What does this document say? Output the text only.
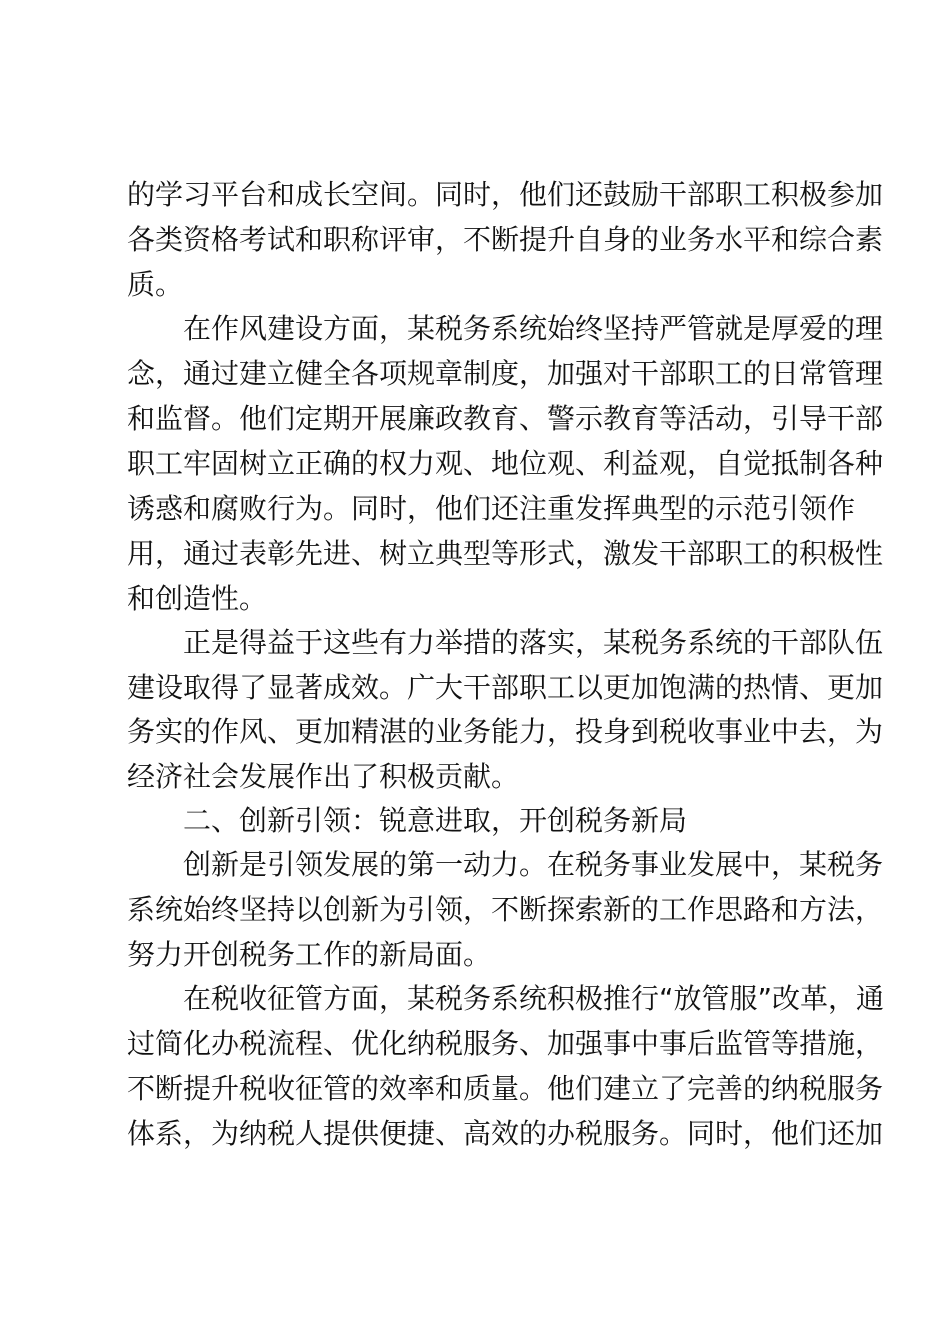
的学习平台和成长空间。同时，他们还鼓励干部职工积极参加
各类资格考试和职称评审，不断提升自身的业务水平和综合素
质。
在作风建设方面，某税务系统始终坚持严管就是厚爱的理
念，通过建立健全各项规章制度，加强对干部职工的日常管理
和监督。他们定期开展廉政教育、警示教育等活动，引导干部
职工牢固树立正确的权力观、地位观、利益观，自觉抵制各种
诱惑和腐败行为。同时，他们还注重发挥典型的示范引领作
用，通过表彰先进、树立典型等形式，激发干部职工的积极性
和创造性。
正是得益于这些有力举措的落实，某税务系统的干部队伍
建设取得了显著成效。广大干部职工以更加饱满的热情、更加
务实的作风、更加精湛的业务能力，投身到税收事业中去，为
经济社会发展作出了积极贡献。
二、创新引领：锐意进取，开创税务新局
创新是引领发展的第一动力。在税务事业发展中，某税务
系统始终坚持以创新为引领，不断探索新的工作思路和方法，
努力开创税务工作的新局面。
在税收征管方面，某税务系统积极推行“放管服”改革，通
过简化办税流程、优化纳税服务、加强事中事后监管等措施，
不断提升税收征管的效率和质量。他们建立了完善的纳税服务
体系，为纳税人提供便捷、高效的办税服务。同时，他们还加
